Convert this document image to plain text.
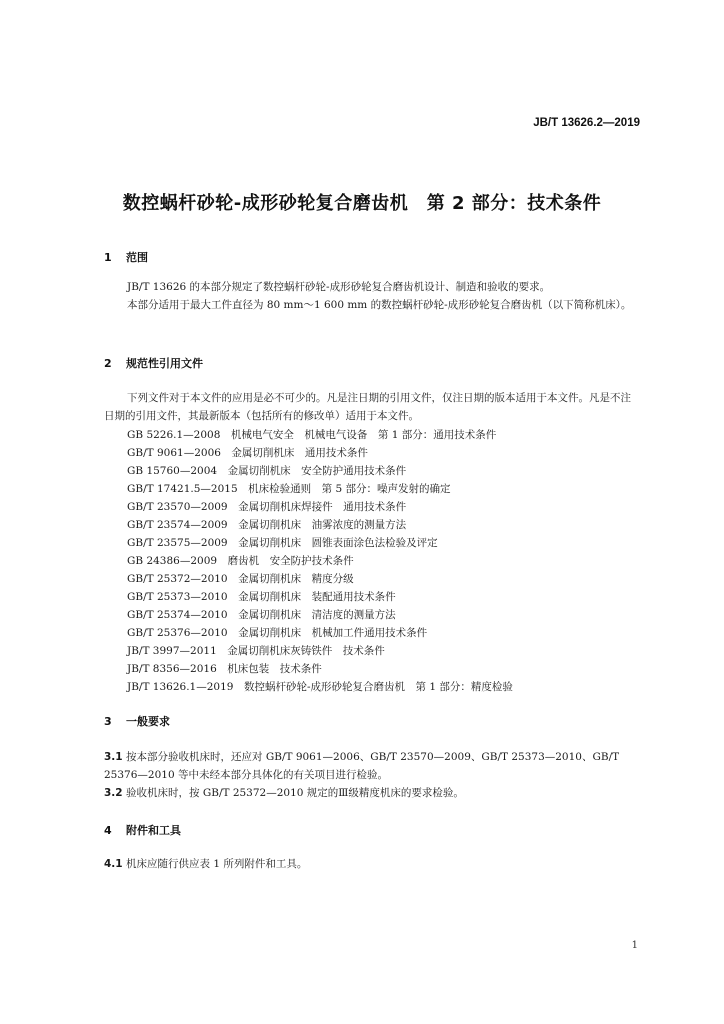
JB/T 13626.2—2019
数控蜗杆砂轮-成形砂轮复合磨齿机　第 2 部分：技术条件
1 范围
JB/T 13626 的本部分规定了数控蜗杆砂轮-成形砂轮复合磨齿机设计、制造和验收的要求。
本部分适用于最大工件直径为 80 mm～1 600 mm 的数控蜗杆砂轮-成形砂轮复合磨齿机（以下简称机床）。
2 规范性引用文件
下列文件对于本文件的应用是必不可少的。凡是注日期的引用文件，仅注日期的版本适用于本文件。凡是不注日期的引用文件，其最新版本（包括所有的修改单）适用于本文件。
GB 5226.1—2008　机械电气安全　机械电气设备　第 1 部分：通用技术条件
GB/T 9061—2006　金属切削机床　通用技术条件
GB 15760—2004　金属切削机床　安全防护通用技术条件
GB/T 17421.5—2015　机床检验通则　第 5 部分：噪声发射的确定
GB/T 23570—2009　金属切削机床焊接件　通用技术条件
GB/T 23574—2009　金属切削机床　油雾浓度的测量方法
GB/T 23575—2009　金属切削机床　圆锥表面涂色法检验及评定
GB 24386—2009　磨齿机　安全防护技术条件
GB/T 25372—2010　金属切削机床　精度分级
GB/T 25373—2010　金属切削机床　装配通用技术条件
GB/T 25374—2010　金属切削机床　清洁度的测量方法
GB/T 25376—2010　金属切削机床　机械加工件通用技术条件
JB/T 3997—2011　金属切削机床灰铸铁件　技术条件
JB/T 8356—2016　机床包装　技术条件
JB/T 13626.1—2019　数控蜗杆砂轮-成形砂轮复合磨齿机　第 1 部分：精度检验
3 一般要求
3.1 按本部分验收机床时，还应对 GB/T 9061—2006、GB/T 23570—2009、GB/T 25373—2010、GB/T 25376—2010 等中未经本部分具体化的有关项目进行检验。
3.2 验收机床时，按 GB/T 25372—2010 规定的Ⅲ级精度机床的要求检验。
4 附件和工具
4.1 机床应随行供应表 1 所列附件和工具。
1
